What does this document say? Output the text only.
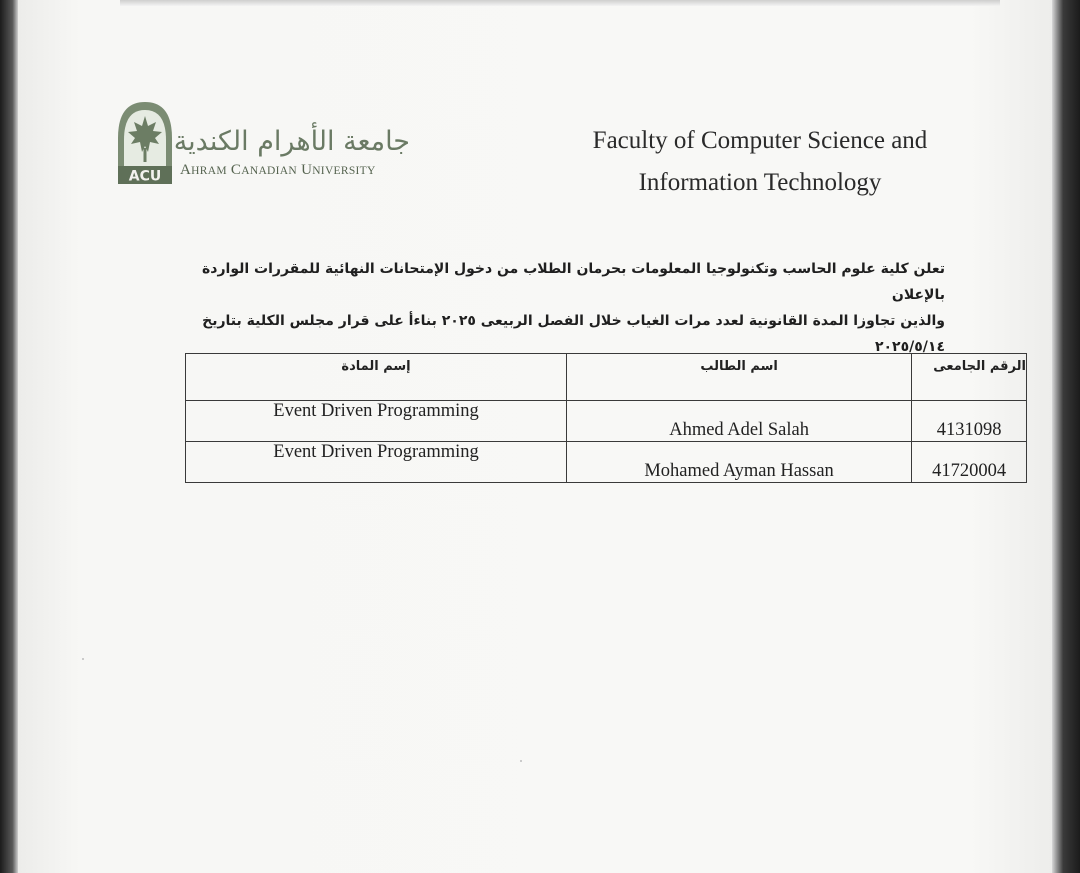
ACU
جامعة الأهرام الكندية
AHRAM CANADIAN UNIVERSITY
Faculty of Computer Science and
Information Technology
تعلن كلية علوم الحاسب وتكنولوجيا المعلومات بحرمان الطلاب من دخول الإمتحانات النهائية للمقررات الواردة بالإعلان
والذين تجاوزا المدة القانونية لعدد مرات الغياب خلال الفصل الربيعى ٢٠٢٥ بناءأ على قرار مجلس الكلية بتاريخ
٢٠٢٥/٥/١٤
إسم المادة	اسم الطالب	الرقم الجامعى
Event Driven Programming	Ahmed Adel Salah	4131098
Event Driven Programming	Mohamed Ayman Hassan	41720004
